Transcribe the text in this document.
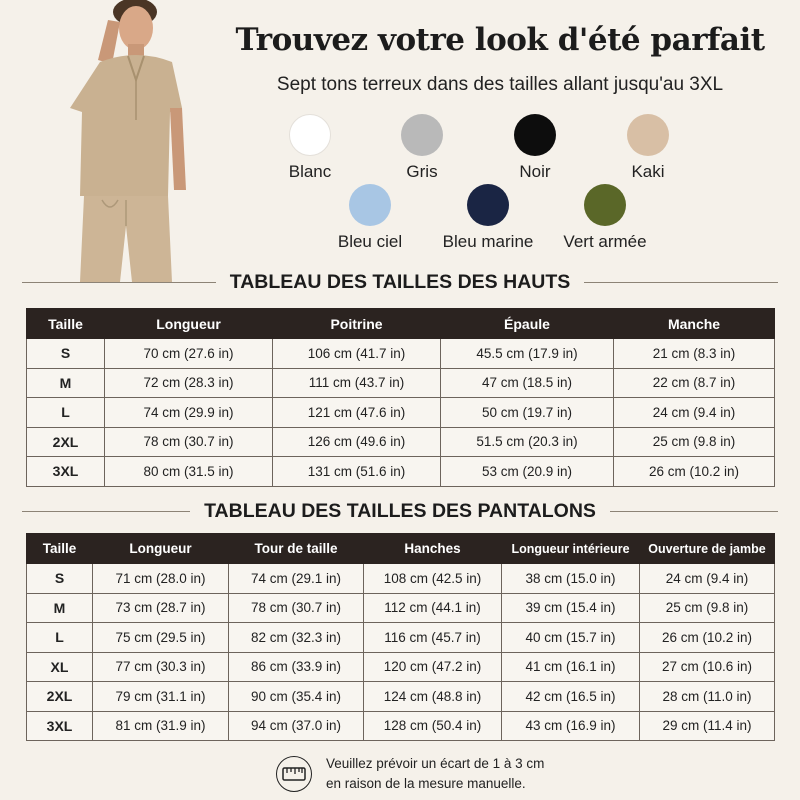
Trouvez votre look d'été parfait
Sept tons terreux dans des tailles allant jusqu'au 3XL
Blanc	Gris	Noir	Kaki
Bleu ciel	Bleu marine	Vert armée
TABLEAU DES TAILLES DES HAUTS
Taille	Longueur	Poitrine	Épaule	Manche
S	70 cm (27.6 in)	106 cm (41.7 in)	45.5 cm (17.9 in)	21 cm (8.3 in)
M	72 cm (28.3 in)	111 cm (43.7 in)	47 cm (18.5 in)	22 cm (8.7 in)
L	74 cm (29.9 in)	121 cm (47.6 in)	50 cm (19.7 in)	24 cm (9.4 in)
2XL	78 cm (30.7 in)	126 cm (49.6 in)	51.5 cm (20.3 in)	25 cm (9.8 in)
3XL	80 cm (31.5 in)	131 cm (51.6 in)	53 cm (20.9 in)	26 cm (10.2 in)
TABLEAU DES TAILLES DES PANTALONS
Taille	Longueur	Tour de taille	Hanches	Longueur intérieure	Ouverture de jambe
S	71 cm (28.0 in)	74 cm (29.1 in)	108 cm (42.5 in)	38 cm (15.0 in)	24 cm (9.4 in)
M	73 cm (28.7 in)	78 cm (30.7 in)	112 cm (44.1 in)	39 cm (15.4 in)	25 cm (9.8 in)
L	75 cm (29.5 in)	82 cm (32.3 in)	116 cm (45.7 in)	40 cm (15.7 in)	26 cm (10.2 in)
XL	77 cm (30.3 in)	86 cm (33.9 in)	120 cm (47.2 in)	41 cm (16.1 in)	27 cm (10.6 in)
2XL	79 cm (31.1 in)	90 cm (35.4 in)	124 cm (48.8 in)	42 cm (16.5 in)	28 cm (11.0 in)
3XL	81 cm (31.9 in)	94 cm (37.0 in)	128 cm (50.4 in)	43 cm (16.9 in)	29 cm (11.4 in)
Veuillez prévoir un écart de 1 à 3 cm
en raison de la mesure manuelle.
